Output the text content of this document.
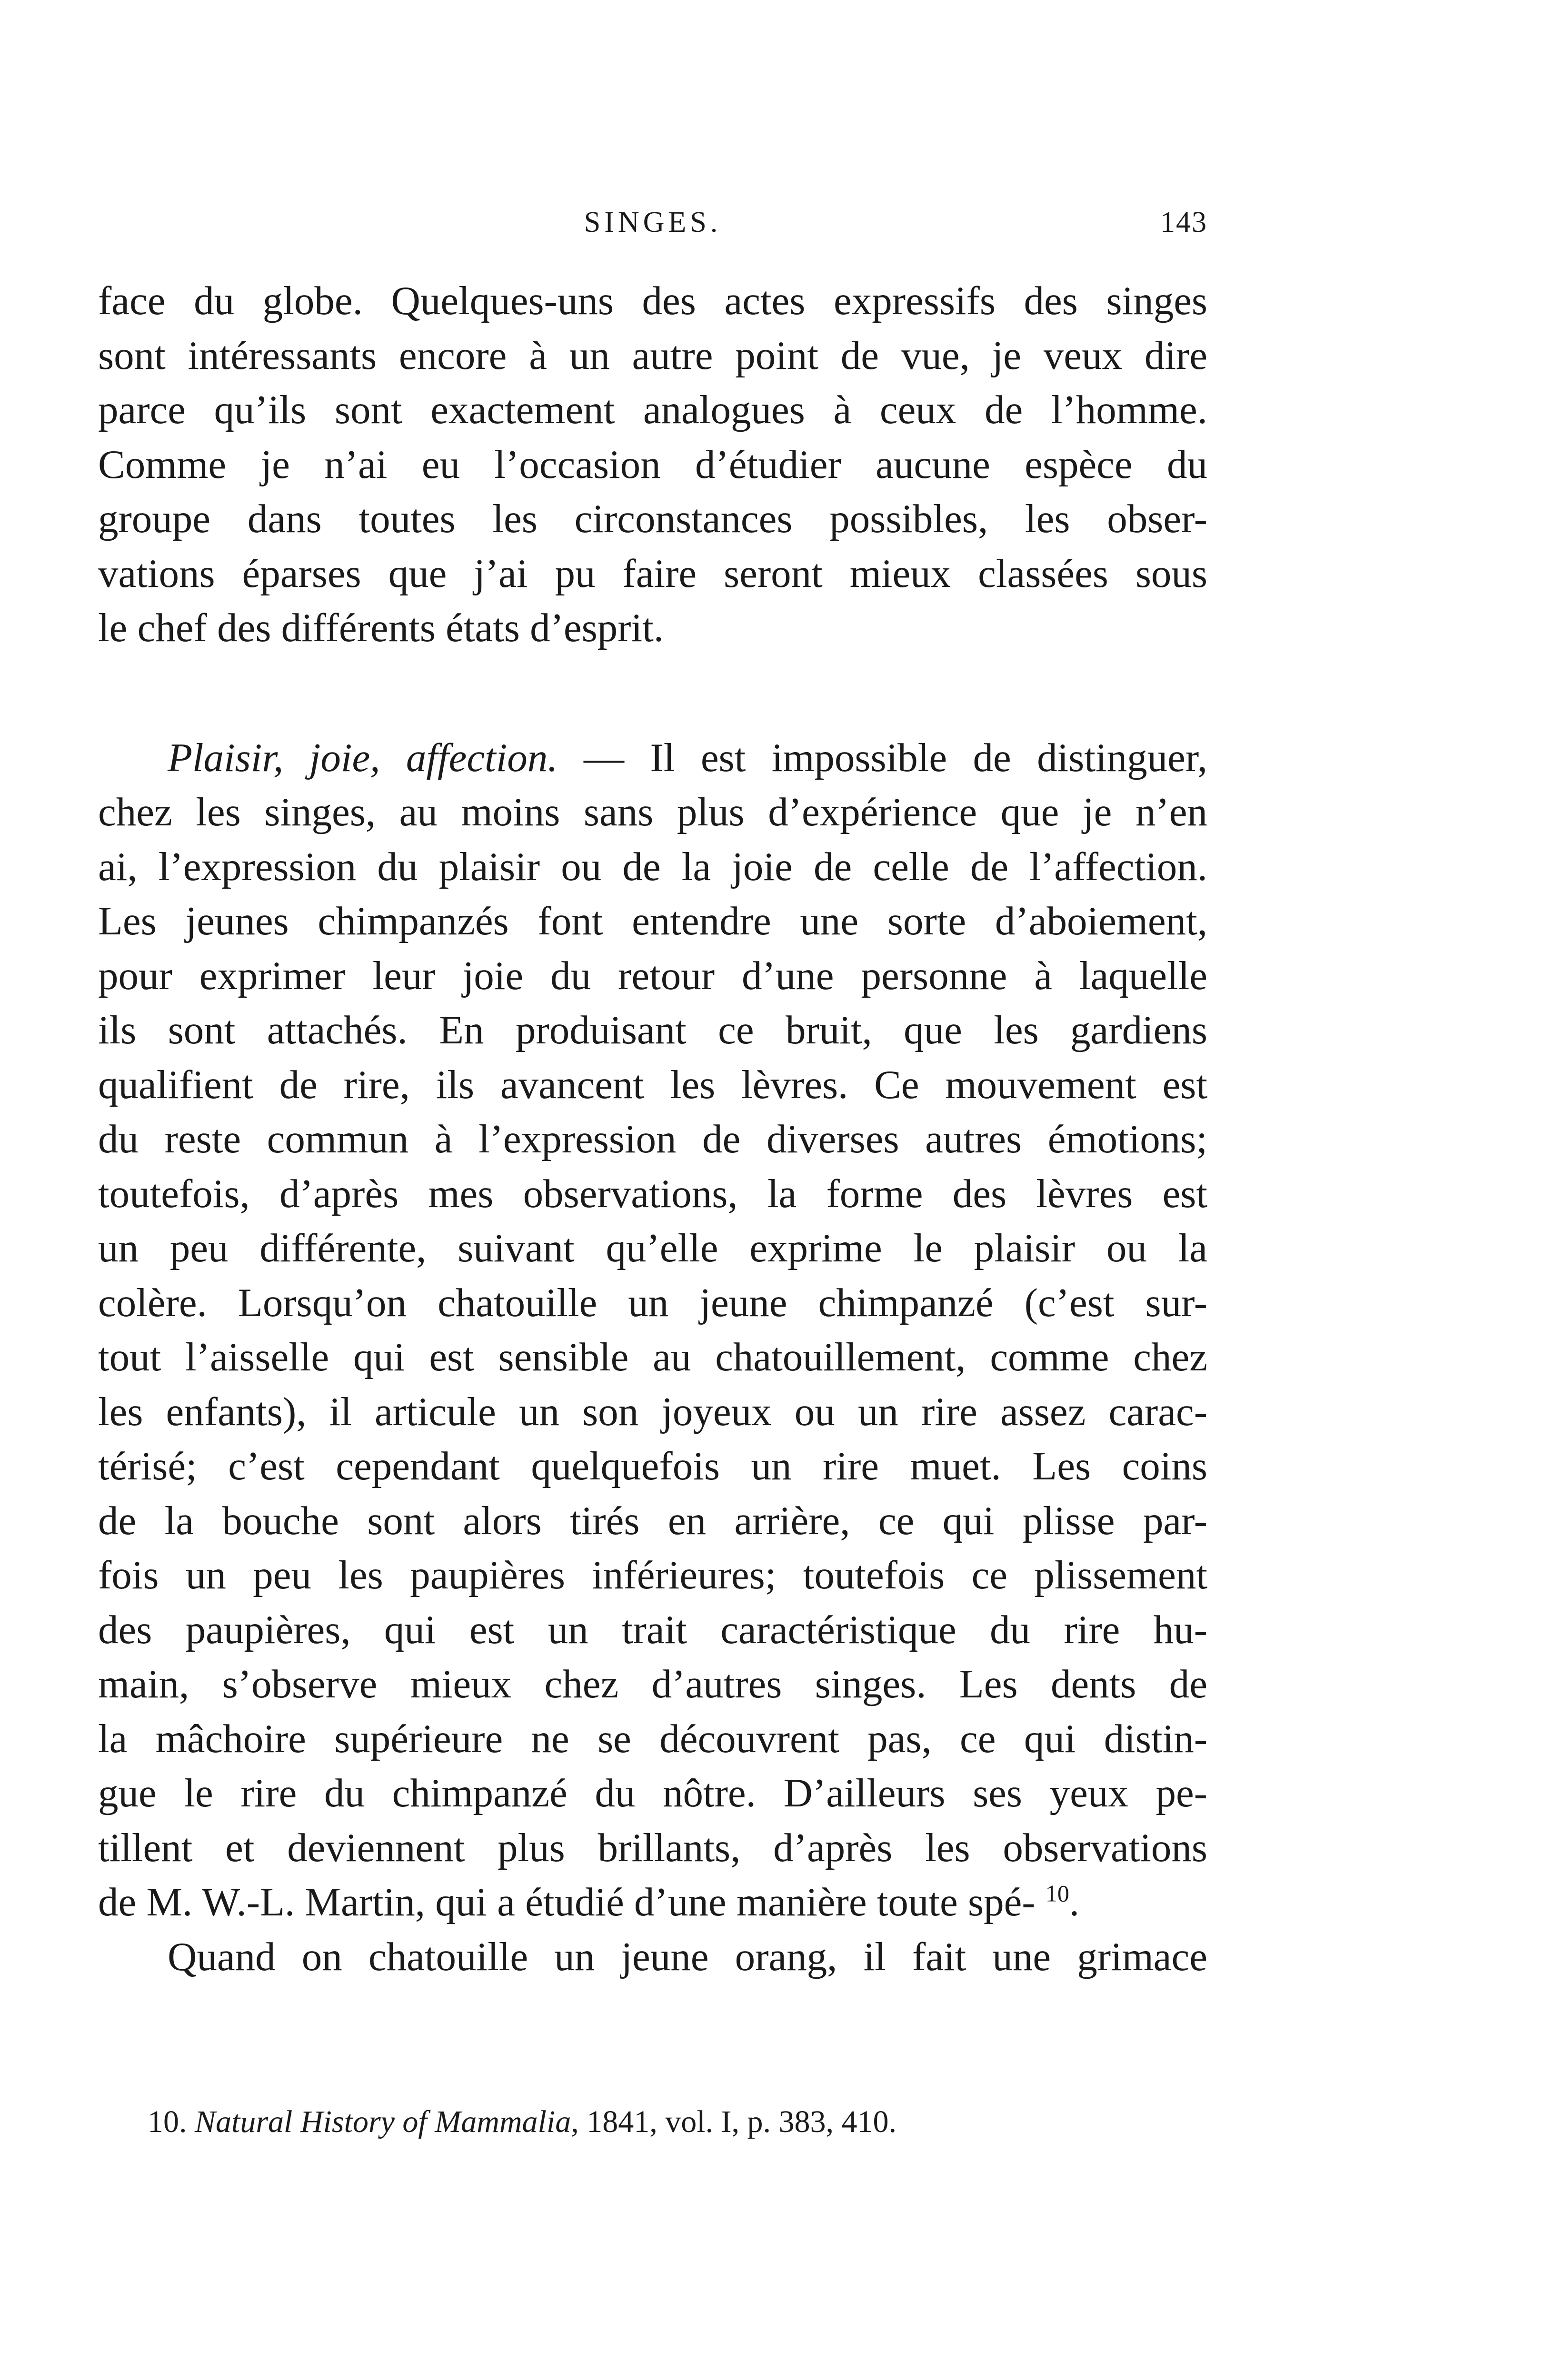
SINGES.	143
face du globe. Quelques-uns des actes expressifs des singes
sont intéressants encore à un autre point de vue, je veux dire
parce qu’ils sont exactement analogues à ceux de l’homme.
Comme je n’ai eu l’occasion d’étudier aucune espèce du
groupe dans toutes les circonstances possibles, les obser-
vations éparses que j’ai pu faire seront mieux classées sous
le chef des différents états d’esprit.
Plaisir, joie, affection. — Il est impossible de distinguer,
chez les singes, au moins sans plus d’expérience que je n’en
ai, l’expression du plaisir ou de la joie de celle de l’affection.
Les jeunes chimpanzés font entendre une sorte d’aboiement,
pour exprimer leur joie du retour d’une personne à laquelle
ils sont attachés. En produisant ce bruit, que les gardiens
qualifient de rire, ils avancent les lèvres. Ce mouvement est
du reste commun à l’expression de diverses autres émotions;
toutefois, d’après mes observations, la forme des lèvres est
un peu différente, suivant qu’elle exprime le plaisir ou la
colère. Lorsqu’on chatouille un jeune chimpanzé (c’est sur-
tout l’aisselle qui est sensible au chatouillement, comme chez
les enfants), il articule un son joyeux ou un rire assez carac-
térisé; c’est cependant quelquefois un rire muet. Les coins
de la bouche sont alors tirés en arrière, ce qui plisse par-
fois un peu les paupières inférieures; toutefois ce plissement
des paupières, qui est un trait caractéristique du rire hu-
main, s’observe mieux chez d’autres singes. Les dents de
la mâchoire supérieure ne se découvrent pas, ce qui distin-
gue le rire du chimpanzé du nôtre. D’ailleurs ses yeux pe-
tillent et deviennent plus brillants, d’après les observations
de M. W.-L. Martin, qui a étudié d’une manière toute spé- $^{10}$.
Quand on chatouille un jeune orang, il fait une grimace
10. Natural History of Mammalia, 1841, vol. I, p. 383, 410.
